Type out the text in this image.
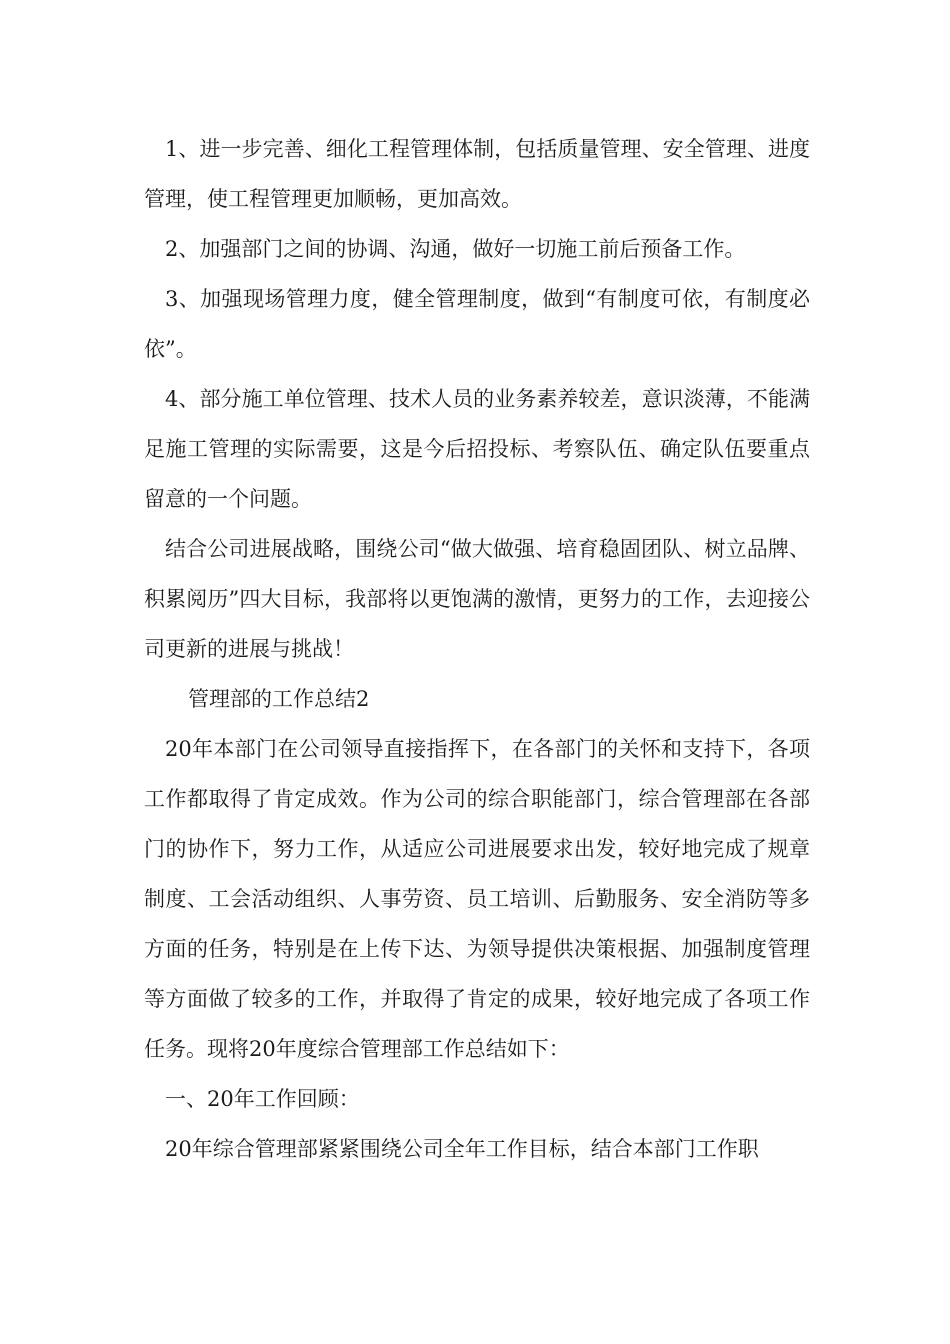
1、进一步完善、细化工程管理体制，包括质量管理、安全管理、进度管理，使工程管理更加顺畅，更加高效。

2、加强部门之间的协调、沟通，做好一切施工前后预备工作。

3、加强现场管理力度，健全管理制度，做到“有制度可依，有制度必依”。

4、部分施工单位管理、技术人员的业务素养较差，意识淡薄，不能满足施工管理的实际需要，这是今后招投标、考察队伍、确定队伍要重点留意的一个问题。

结合公司进展战略，围绕公司“做大做强、培育稳固团队、树立品牌、积累阅历”四大目标，我部将以更饱满的激情，更努力的工作，去迎接公司更新的进展与挑战！

管理部的工作总结2

20年本部门在公司领导直接指挥下，在各部门的关怀和支持下，各项工作都取得了肯定成效。作为公司的综合职能部门，综合管理部在各部门的协作下，努力工作，从适应公司进展要求出发，较好地完成了规章制度、工会活动组织、人事劳资、员工培训、后勤服务、安全消防等多方面的任务，特别是在上传下达、为领导提供决策根据、加强制度管理等方面做了较多的工作，并取得了肯定的成果，较好地完成了各项工作任务。现将20年度综合管理部工作总结如下：

一、20年工作回顾：

20年综合管理部紧紧围绕公司全年工作目标，结合本部门工作职
